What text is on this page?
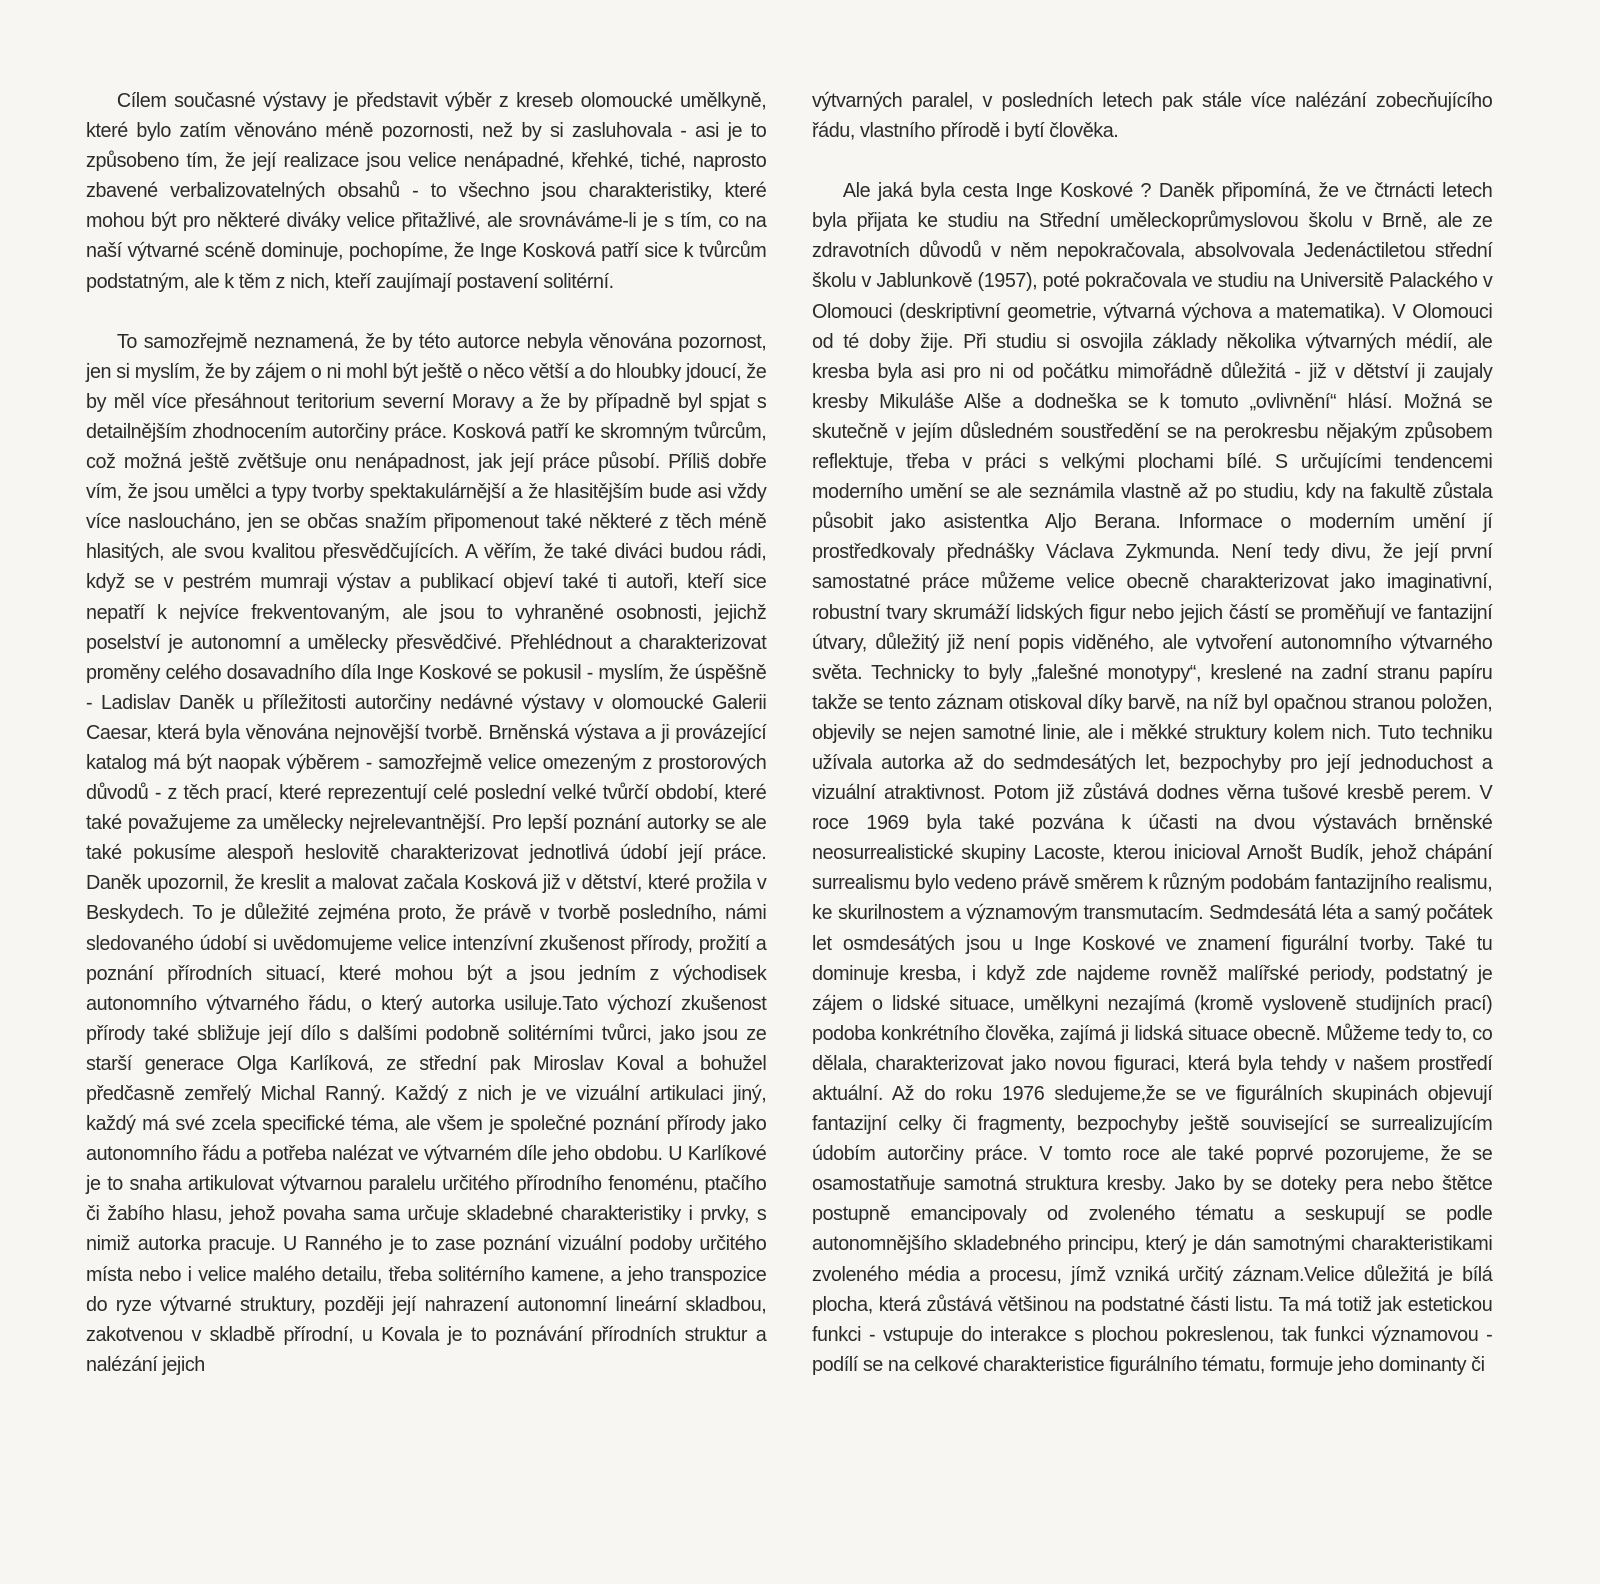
Cílem současné výstavy je představit výběr z kreseb olomoucké umělkyně, které bylo zatím věnováno méně pozornosti, než by si zasluhovala - asi je to způsobeno tím, že její realizace jsou velice nenápadné, křehké, tiché, naprosto zbavené verbalizovatelných obsahů - to všechno jsou charakteristiky, které mohou být pro některé diváky velice přitažlivé, ale srovnáváme-li je s tím, co na naší výtvarné scéně dominuje, pochopíme, že Inge Kosková patří sice k tvůrcům podstatným, ale k těm z nich, kteří zaujímají postavení solitérní.

To samozřejmě neznamená, že by této autorce nebyla věnována pozornost, jen si myslím, že by zájem o ni mohl být ještě o něco větší a do hloubky jdoucí, že by měl více přesáhnout teritorium severní Moravy a že by případně byl spjat s detailnějším zhodnocením autorčiny práce. Kosková patří ke skromným tvůrcům, což možná ještě zvětšuje onu nenápadnost, jak její práce působí. Příliš dobře vím, že jsou umělci a typy tvorby spektakulárnější a že hlasitějším bude asi vždy více nasloucháno, jen se občas snažím připomenout také některé z těch méně hlasitých, ale svou kvalitou přesvědčujících. A věřím, že také diváci budou rádi, když se v pestrém mumraji výstav a publikací objeví také ti autoři, kteří sice nepatří k nejvíce frekventovaným, ale jsou to vyhraněné osobnosti, jejichž poselství je autonomní a umělecky přesvědčivé. Přehlédnout a charakterizovat proměny celého dosavadního díla Inge Koskové se pokusil - myslím, že úspěšně - Ladislav Daněk u příležitosti autorčiny nedávné výstavy v olomoucké Galerii Caesar, která byla věnována nejnovější tvorbě. Brněnská výstava a ji provázející katalog má být naopak výběrem - samozřejmě velice omezeným z prostorových důvodů - z těch prací, které reprezentují celé poslední velké tvůrčí období, které také považujeme za umělecky nejrelevantnější. Pro lepší poznání autorky se ale také pokusíme alespoň heslovitě charakterizovat jednotlivá údobí její práce. Daněk upozornil, že kreslit a malovat začala Kosková již v dětství, které prožila v Beskydech. To je důležité zejména proto, že právě v tvorbě posledního, námi sledovaného údobí si uvědomujeme velice intenzívní zkušenost přírody, prožití a poznání přírodních situací, které mohou být a jsou jedním z východisek autonomního výtvarného řádu, o který autorka usiluje.Tato výchozí zkušenost přírody také sbližuje její dílo s dalšími podobně solitérními tvůrci, jako jsou ze starší generace Olga Karlíková, ze střední pak Miroslav Koval a bohužel předčasně zemřelý Michal Ranný. Každý z nich je ve vizuální artikulaci jiný, každý má své zcela specifické téma, ale všem je společné poznání přírody jako autonomního řádu a potřeba nalézat ve výtvarném díle jeho obdobu. U Karlíkové je to snaha artikulovat výtvarnou paralelu určitého přírodního fenoménu, ptačího či žabího hlasu, jehož povaha sama určuje skladebné charakteristiky i prvky, s nimiž autorka pracuje. U Ranného je to zase poznání vizuální podoby určitého místa nebo i velice malého detailu, třeba solitérního kamene, a jeho transpozice do ryze výtvarné struktury, později její nahrazení autonomní lineární skladbou, zakotvenou v skladbě přírodní, u Kovala je to poznávání přírodních struktur a nalézání jejich

výtvarných paralel, v posledních letech pak stále více nalézání zobecňujícího řádu, vlastního přírodě i bytí člověka.

Ale jaká byla cesta Inge Koskové ? Daněk připomíná, že ve čtrnácti letech byla přijata ke studiu na Střední uměleckoprůmyslovou školu v Brně, ale ze zdravotních důvodů v něm nepokračovala, absolvovala Jedenáctiletou střední školu v Jablunkově (1957), poté pokračovala ve studiu na Universitě Palackého v Olomouci (deskriptivní geometrie, výtvarná výchova a matematika). V Olomouci od té doby žije. Při studiu si osvojila základy několika výtvarných médií, ale kresba byla asi pro ni od počátku mimořádně důležitá - již v dětství ji zaujaly kresby Mikuláše Alše a dodneška se k tomuto „ovlivnění“ hlásí. Možná se skutečně v jejím důsledném soustředění se na perokresbu nějakým způsobem reflektuje, třeba v práci s velkými plochami bílé. S určujícími tendencemi moderního umění se ale seznámila vlastně až po studiu, kdy na fakultě zůstala působit jako asistentka Aljo Berana. Informace o moderním umění jí prostředkovaly přednášky Václava Zykmunda. Není tedy divu, že její první samostatné práce můžeme velice obecně charakterizovat jako imaginativní, robustní tvary skrumáží lidských figur nebo jejich částí se proměňují ve fantazijní útvary, důležitý již není popis viděného, ale vytvoření autonomního výtvarného světa. Technicky to byly „falešné monotypy“, kreslené na zadní stranu papíru takže se tento záznam otiskoval díky barvě, na níž byl opačnou stranou položen, objevily se nejen samotné linie, ale i měkké struktury kolem nich. Tuto techniku užívala autorka až do sedmdesátých let, bezpochyby pro její jednoduchost a vizuální atraktivnost. Potom již zůstává dodnes věrna tušové kresbě perem. V roce 1969 byla také pozvána k účasti na dvou výstavách brněnské neosurrealistické skupiny Lacoste, kterou inicioval Arnošt Budík, jehož chápání surrealismu bylo vedeno právě směrem k různým podobám fantazijního realismu, ke skurilnostem a významovým transmutacím. Sedmdesátá léta a samý počátek let osmdesátých jsou u Inge Koskové ve znamení figurální tvorby. Také tu dominuje kresba, i když zde najdeme rovněž malířské periody, podstatný je zájem o lidské situace, umělkyni nezajímá (kromě vysloveně studijních prací) podoba konkrétního člověka, zajímá ji lidská situace obecně. Můžeme tedy to, co dělala, charakterizovat jako novou figuraci, která byla tehdy v našem prostředí aktuální. Až do roku 1976 sledujeme,že se ve figurálních skupinách objevují fantazijní celky či fragmenty, bezpochyby ještě související se surrealizujícím údobím autorčiny práce. V tomto roce ale také poprvé pozorujeme, že se osamostatňuje samotná struktura kresby. Jako by se doteky pera nebo štětce postupně emancipovaly od zvoleného tématu a seskupují se podle autonomnějšího skladebného principu, který je dán samotnými charakteristikami zvoleného média a procesu, jímž vzniká určitý záznam.Velice důležitá je bílá plocha, která zůstává většinou na podstatné části listu. Ta má totiž jak estetickou funkci - vstupuje do interakce s plochou pokreslenou, tak funkci významovou - podílí se na celkové charakteristice figurálního tématu, formuje jeho dominanty či
